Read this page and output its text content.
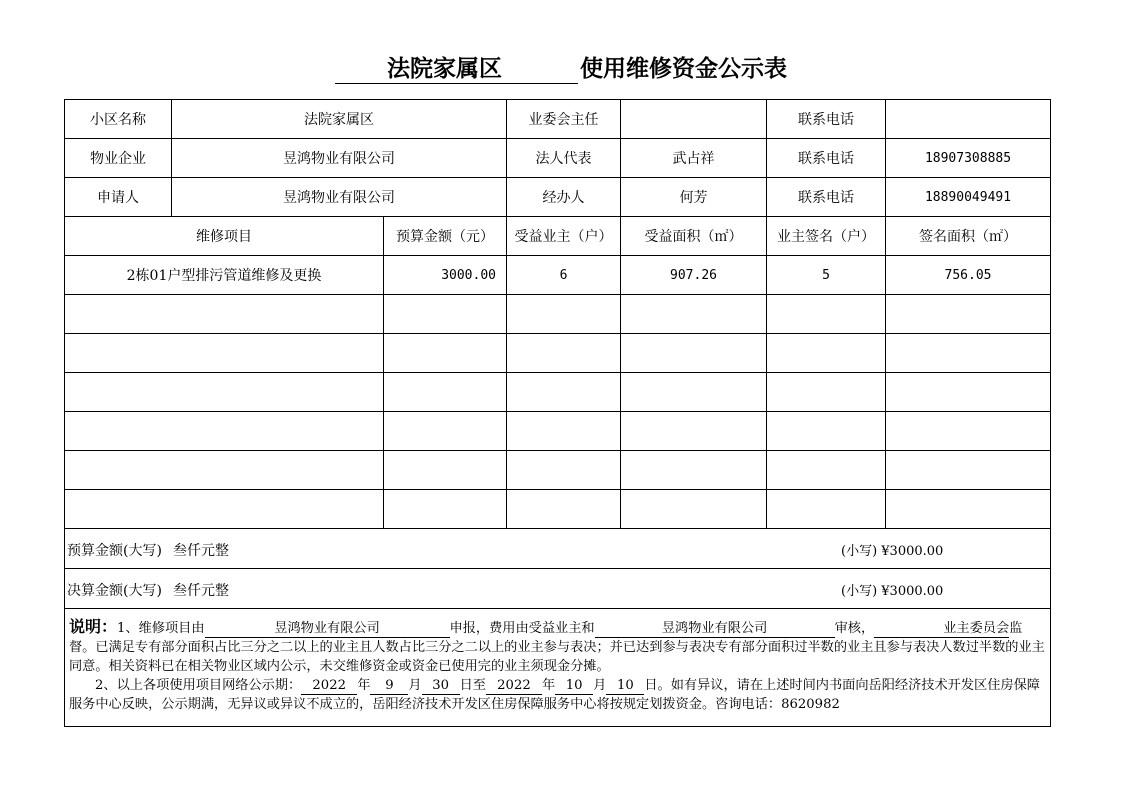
法院家属区	使用维修资金公示表
小区名称	法院家属区		业委会主任		联系电话	
物业企业	昱鸿物业有限公司		法人代表	武占祥	联系电话	18907308885
申请人	昱鸿物业有限公司		经办人	何芳	联系电话	18890049491
维修项目		预算金额（元）	受益业主（户）	受益面积（㎡）	业主签名（户）	签名面积（㎡）
2栋01户型排污管道维修及更换		3000.00	6	907.26	5	756.05

预算金额(大写) 叁仟元整 (小写) ¥3000.00						

决算金额(大写) 叁仟元整 (小写) ¥3000.00						

说明：1、维修项目由 昱鸿物业有限公司 申报，费用由受益业主和 昱鸿物业有限公司 审核， 业主委员会监督。已满足专有部分面积占比三分之二以上的业主且人数占比三分之二以上的业主参与表决；并已达到参与表决专有部分面积过半数的业主且参与表决人数过半数的业主同意。相关资料已在相关物业区域内公示，未交维修资金或资金已使用完的业主须现金分摊。
2、以上各项使用项目网络公示期： 2022 年 9 月 30 日至 2022 年 10 月 10 日。如有异议，请在上述时间内书面向岳阳经济技术开发区住房保障服务中心反映，公示期满，无异议或异议不成立的，岳阳经济技术开发区住房保障服务中心将按规定划拨资金。咨询电话：8620982						
